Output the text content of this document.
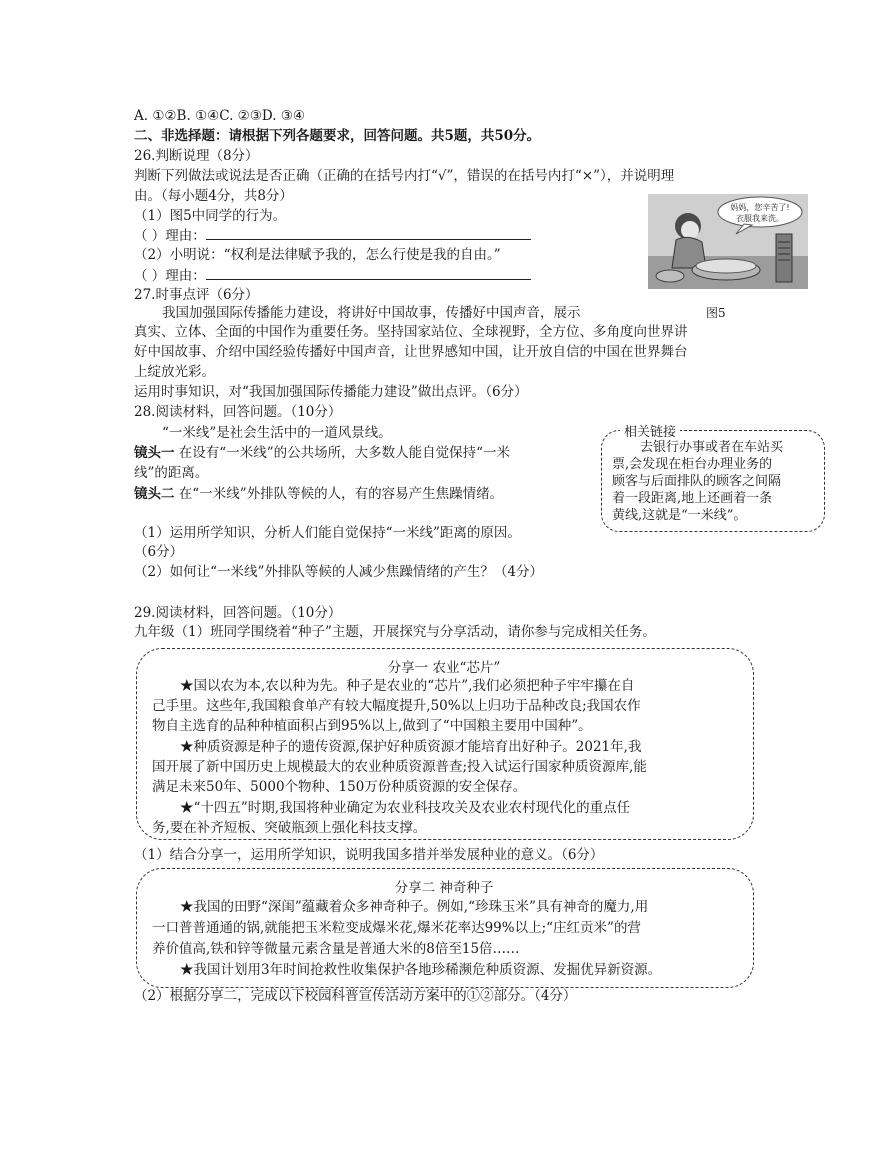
A. ①②B. ①④C. ②③D. ③④
二、非选择题：请根据下列各题要求，回答问题。共5题，共50分。
26.判断说理（8分）
判断下列做法或说法是否正确（正确的在括号内打“√”，错误的在括号内打“×”），并说明理
由。（每小题4分，共8分）
（1）图5中同学的行为。
（ ）理由：
（2）小明说：“权利是法律赋予我的，怎么行使是我的自由。”
（ ）理由：
妈妈，您辛苦了!
衣服我来洗。
图5
27.时事点评（6分）
我国加强国际传播能力建设，将讲好中国故事，传播好中国声音，展示
真实、立体、全面的中国作为重要任务。坚持国家站位、全球视野，全方位、多角度向世界讲
好中国故事、介绍中国经验传播好中国声音，让世界感知中国，让开放自信的中国在世界舞台
上绽放光彩。
运用时事知识，对“我国加强国际传播能力建设”做出点评。（6分）
28.阅读材料，回答问题。（10分）
“一米线”是社会生活中的一道风景线。
镜头一 在设有“一米线”的公共场所，大多数人能自觉保持“一米
线”的距离。
镜头二 在“一米线”外排队等候的人，有的容易产生焦躁情绪。
（1）运用所学知识，分析人们能自觉保持“一米线”距离的原因。
（6分）
（2）如何让“一米线”外排队等候的人减少焦躁情绪的产生？（4分）
相关链接
去银行办事或者在车站买
票,会发现在柜台办理业务的
顾客与后面排队的顾客之间隔
着一段距离,地上还画着一条
29.阅读材料，回答问题。（10分）
九年级（1）班同学围绕着“种子”主题，开展探究与分享活动，请你参与完成相关任务。
分享一 农业“芯片”
★国以农为本,农以种为先。种子是农业的“芯片”,我们必须把种子牢牢攥在自
己手里。这些年,我国粮食单产有较大幅度提升,50%以上归功于品种改良;我国农作
物自主选育的品种种植面积占到95%以上,做到了“中国粮主要用中国种”。
★种质资源是种子的遗传资源,保护好种质资源才能培育出好种子。2021年,我
国开展了新中国历史上规模最大的农业种质资源普查;投入试运行国家种质资源库,能
满足未来50年、5000个物种、150万份种质资源的安全保存。
★“十四五”时期,我国将种业确定为农业科技攻关及农业农村现代化的重点任
务,要在补齐短板、突破瓶颈上强化科技支撑。
（1）结合分享一，运用所学知识，说明我国多措并举发展种业的意义。（6分）
分享二 神奇种子
★我国的田野“深闺”蕴藏着众多神奇种子。例如,“珍珠玉米”具有神奇的魔力,用
一口普普通通的锅,就能把玉米粒变成爆米花,爆米花率达99%以上;“庄红贡米”的营
养价值高,铁和锌等微量元素含量是普通大米的8倍至15倍……
★我国计划用3年时间抢救性收集保护各地珍稀濒危种质资源、发掘优异新资源。
（2）根据分享二，完成以下校园科普宣传活动方案中的①②部分。（4分）
黄线,这就是“一米线”。
